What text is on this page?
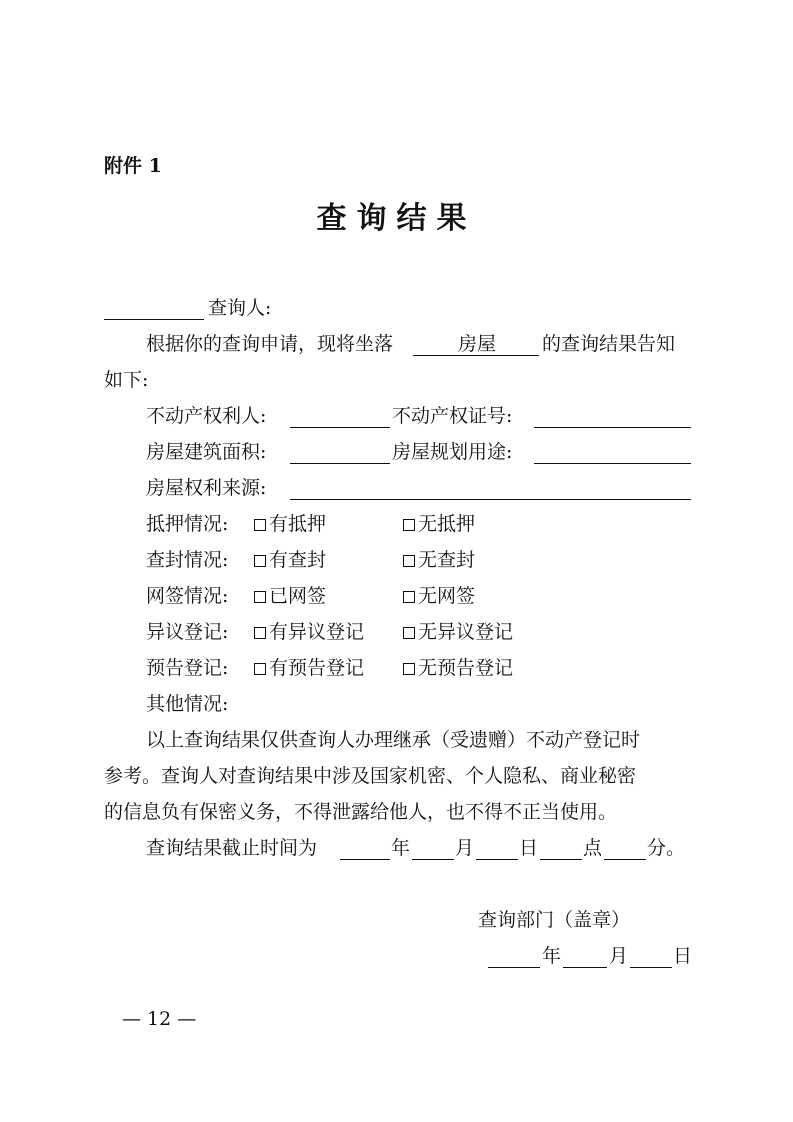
附件 1
查询结果
查询人:
根据你的查询申请，现将坐落	房屋 的查询结果告知
如下:
不动产权利人:	不动产权证号:
房屋建筑面积:	房屋规划用途:
房屋权利来源:
抵押情况:	有抵押	无抵押
查封情况:	有查封	无查封
网签情况:	已网签	无网签
异议登记:	有异议登记	无异议登记
预告登记:	有预告登记	无预告登记
其他情况:
以上查询结果仅供查询人办理继承（受遗赠）不动产登记时
参考。查询人对查询结果中涉及国家机密、个人隐私、商业秘密
的信息负有保密义务，不得泄露给他人，也不得不正当使用。
查询结果截止时间为	年 月 日 点 分。
查询部门（盖章）
年	月 日
— 12 —
